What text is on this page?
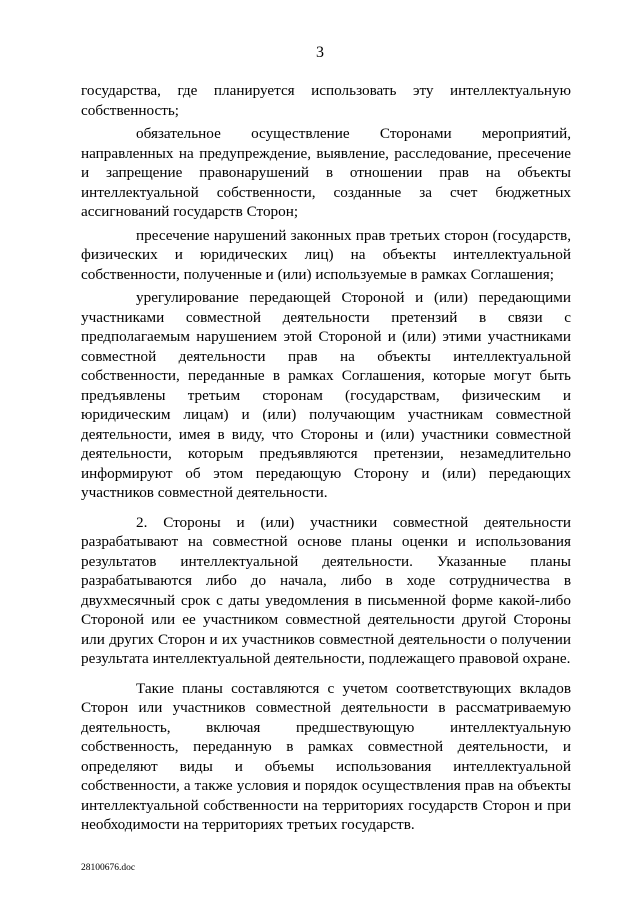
3

государства, где планируется использовать эту интеллектуальную собственность;

обязательное осуществление Сторонами мероприятий, направленных на предупреждение, выявление, расследование, пресечение и запрещение правонарушений в отношении прав на объекты интеллектуальной собственности, созданные за счет бюджетных ассигнований государств Сторон;

пресечение нарушений законных прав третьих сторон (государств, физических и юридических лиц) на объекты интеллектуальной собственности, полученные и (или) используемые в рамках Соглашения;

урегулирование передающей Стороной и (или) передающими участниками совместной деятельности претензий в связи с предполагаемым нарушением этой Стороной и (или) этими участниками совместной деятельности прав на объекты интеллектуальной собственности, переданные в рамках Соглашения, которые могут быть предъявлены третьим сторонам (государствам, физическим и юридическим лицам) и (или) получающим участникам совместной деятельности, имея в виду, что Стороны и (или) участники совместной деятельности, которым предъявляются претензии, незамедлительно информируют об этом передающую Сторону и (или) передающих участников совместной деятельности.

2. Стороны и (или) участники совместной деятельности разрабатывают на совместной основе планы оценки и использования результатов интеллектуальной деятельности. Указанные планы разрабатываются либо до начала, либо в ходе сотрудничества в двухмесячный срок с даты уведомления в письменной форме какой-либо Стороной или ее участником совместной деятельности другой Стороны или других Сторон и их участников совместной деятельности о получении результата интеллектуальной деятельности, подлежащего правовой охране.

Такие планы составляются с учетом соответствующих вкладов Сторон или участников совместной деятельности в рассматриваемую деятельность, включая предшествующую интеллектуальную собственность, переданную в рамках совместной деятельности, и определяют виды и объемы использования интеллектуальной собственности, а также условия и порядок осуществления прав на объекты интеллектуальной собственности на территориях государств Сторон и при необходимости на территориях третьих государств.

28100676.doc
